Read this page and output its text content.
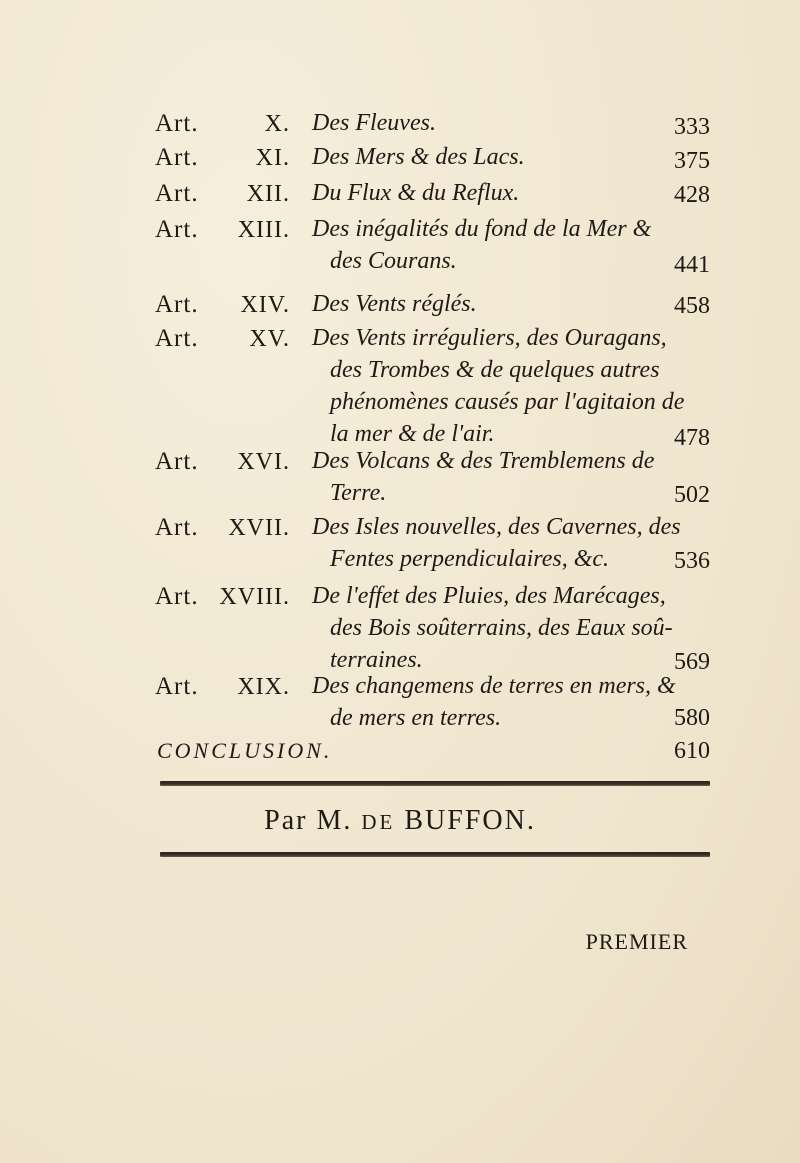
Art.	X. Des Fleuves.	333
Art.	XI. Des Mers & des Lacs.	375
Art.	XII. Du Flux & du Reflux.	428
Art.	XIII. Des inégalités du fond de la Mer &
des Courans.	441
Art.	XIV. Des Vents réglés.	458
Art.	XV. Des Vents irréguliers, des Ouragans,
des Trombes & de quelques autres
phénomènes causés par l'agitaion de
la mer & de l'air.	478
Art.	XVI. Des Volcans & des Tremblemens de
Terre.	502
Art.	XVII. Des Isles nouvelles, des Cavernes, des
Fentes perpendiculaires, &c.	536
Art. XVIII. De l'effet des Pluies, des Marécages,
des Bois soûterrains, des Eaux soû-
terraines.	569
Art.	XIX. Des changemens de terres en mers, &
de mers en terres.	580
CONCLUSION.	610
Par M. DE BUFFON.
PREMIER
